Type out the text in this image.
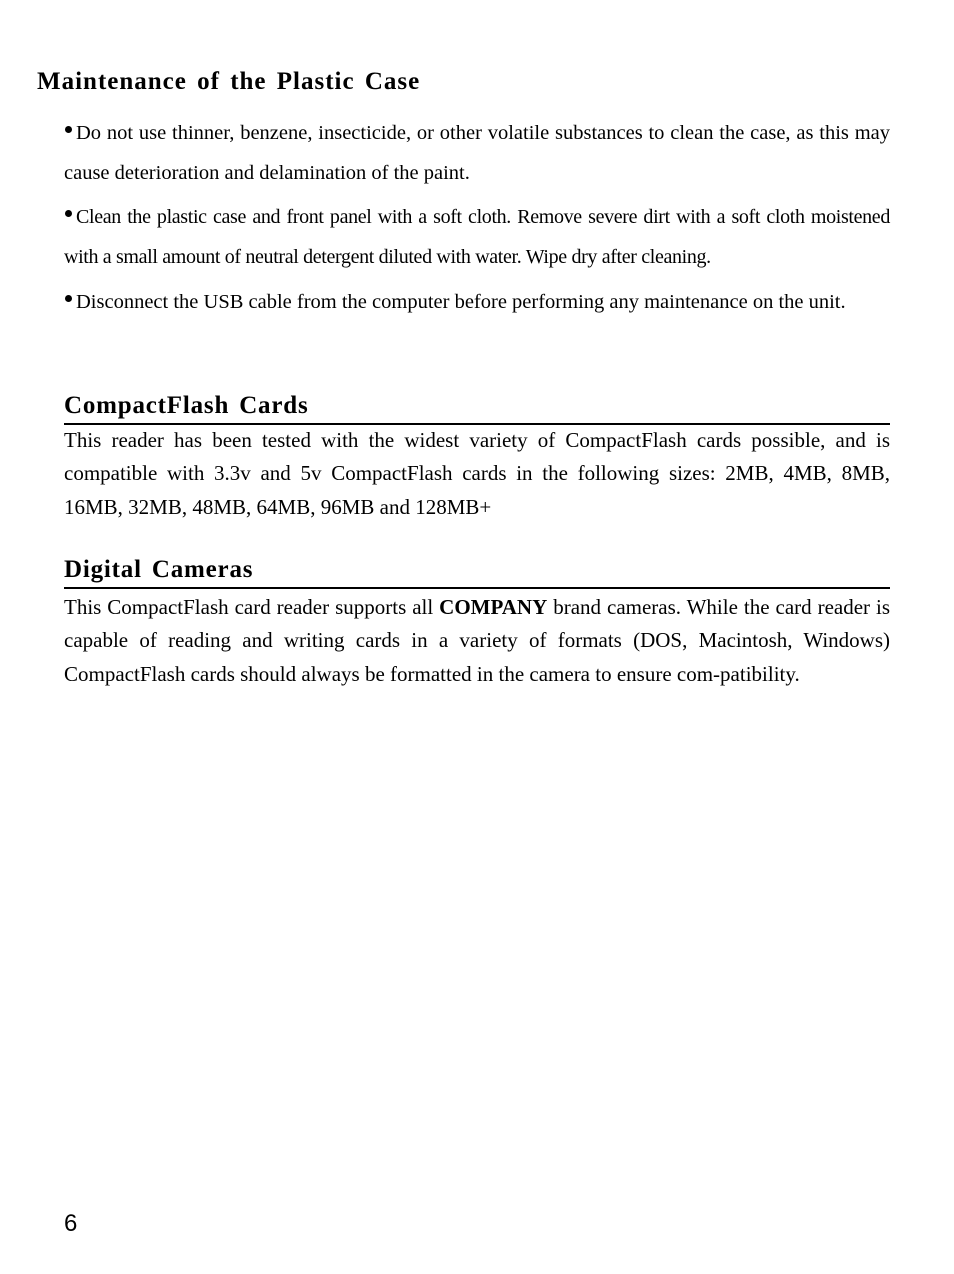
Maintenance of the Plastic Case

Do not use thinner, benzene, insecticide, or other volatile substances to clean the case, as this may cause deterioration and delamination of the paint.

Clean the plastic case and front panel with a soft cloth. Remove severe dirt with a soft cloth moistened with a small amount of neutral detergent diluted with water. Wipe dry after cleaning.

Disconnect the USB cable from the computer before performing any maintenance on the unit.

CompactFlash Cards

This reader has been tested with the widest variety of CompactFlash cards possible, and is compatible with 3.3v and 5v CompactFlash cards in the following sizes: 2MB, 4MB, 8MB, 16MB, 32MB, 48MB, 64MB, 96MB and 128MB+

Digital Cameras

This CompactFlash card reader supports all COMPANY brand cameras. While the card reader is capable of reading and writing cards in a variety of formats (DOS, Macintosh, Windows) CompactFlash cards should always be formatted in the camera to ensure com-patibility.

6
